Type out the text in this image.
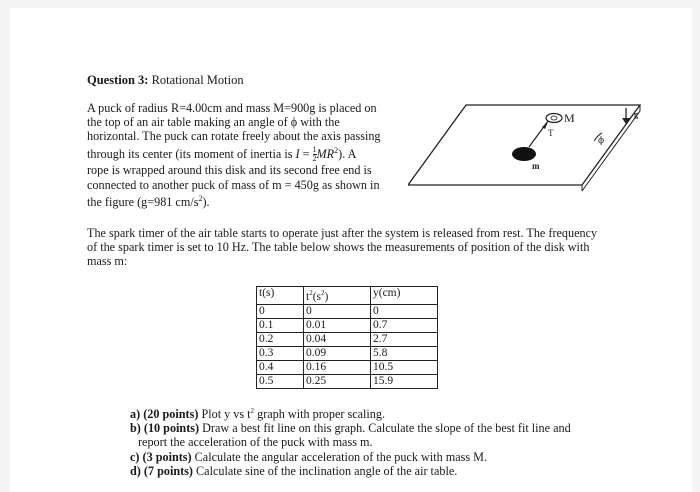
Question 3: Rotational Motion
A puck of radius R=4.00cm and mass M=900g is placed on
the top of an air table making an angle of ϕ with the
horizontal. The puck can rotate freely about the axis passing
through its center (its moment of inertia is $I = \frac{1}{2} MR^2$). A
rope is wrapped around this disk and its second free end is
connected to another puck of mass of m = 450g as shown in
the figure (g=981 $cm/s^2$).
M
T
m
ϕ
g
The spark timer of the air table starts to operate just after the system is released from rest. The frequency
of the spark timer is set to 10 Hz. The table below shows the measurements of position of the disk with
mass m:
t(s)	$t^2(s^2)$	y(cm)
0	0	0
0.1	0.01	0.7
0.2	0.04	2.7
0.3	0.09	5.8
0.4	0.16	10.5
0.5	0.25	15.9
a) (20 points) Plot y vs $t^2$ graph with proper scaling.
b) (10 points) Draw a best fit line on this graph. Calculate the slope of the best fit line and
report the acceleration of the puck with mass m.
c) (3 points) Calculate the angular acceleration of the puck with mass M.
d) (7 points) Calculate sine of the inclination angle of the air table.
